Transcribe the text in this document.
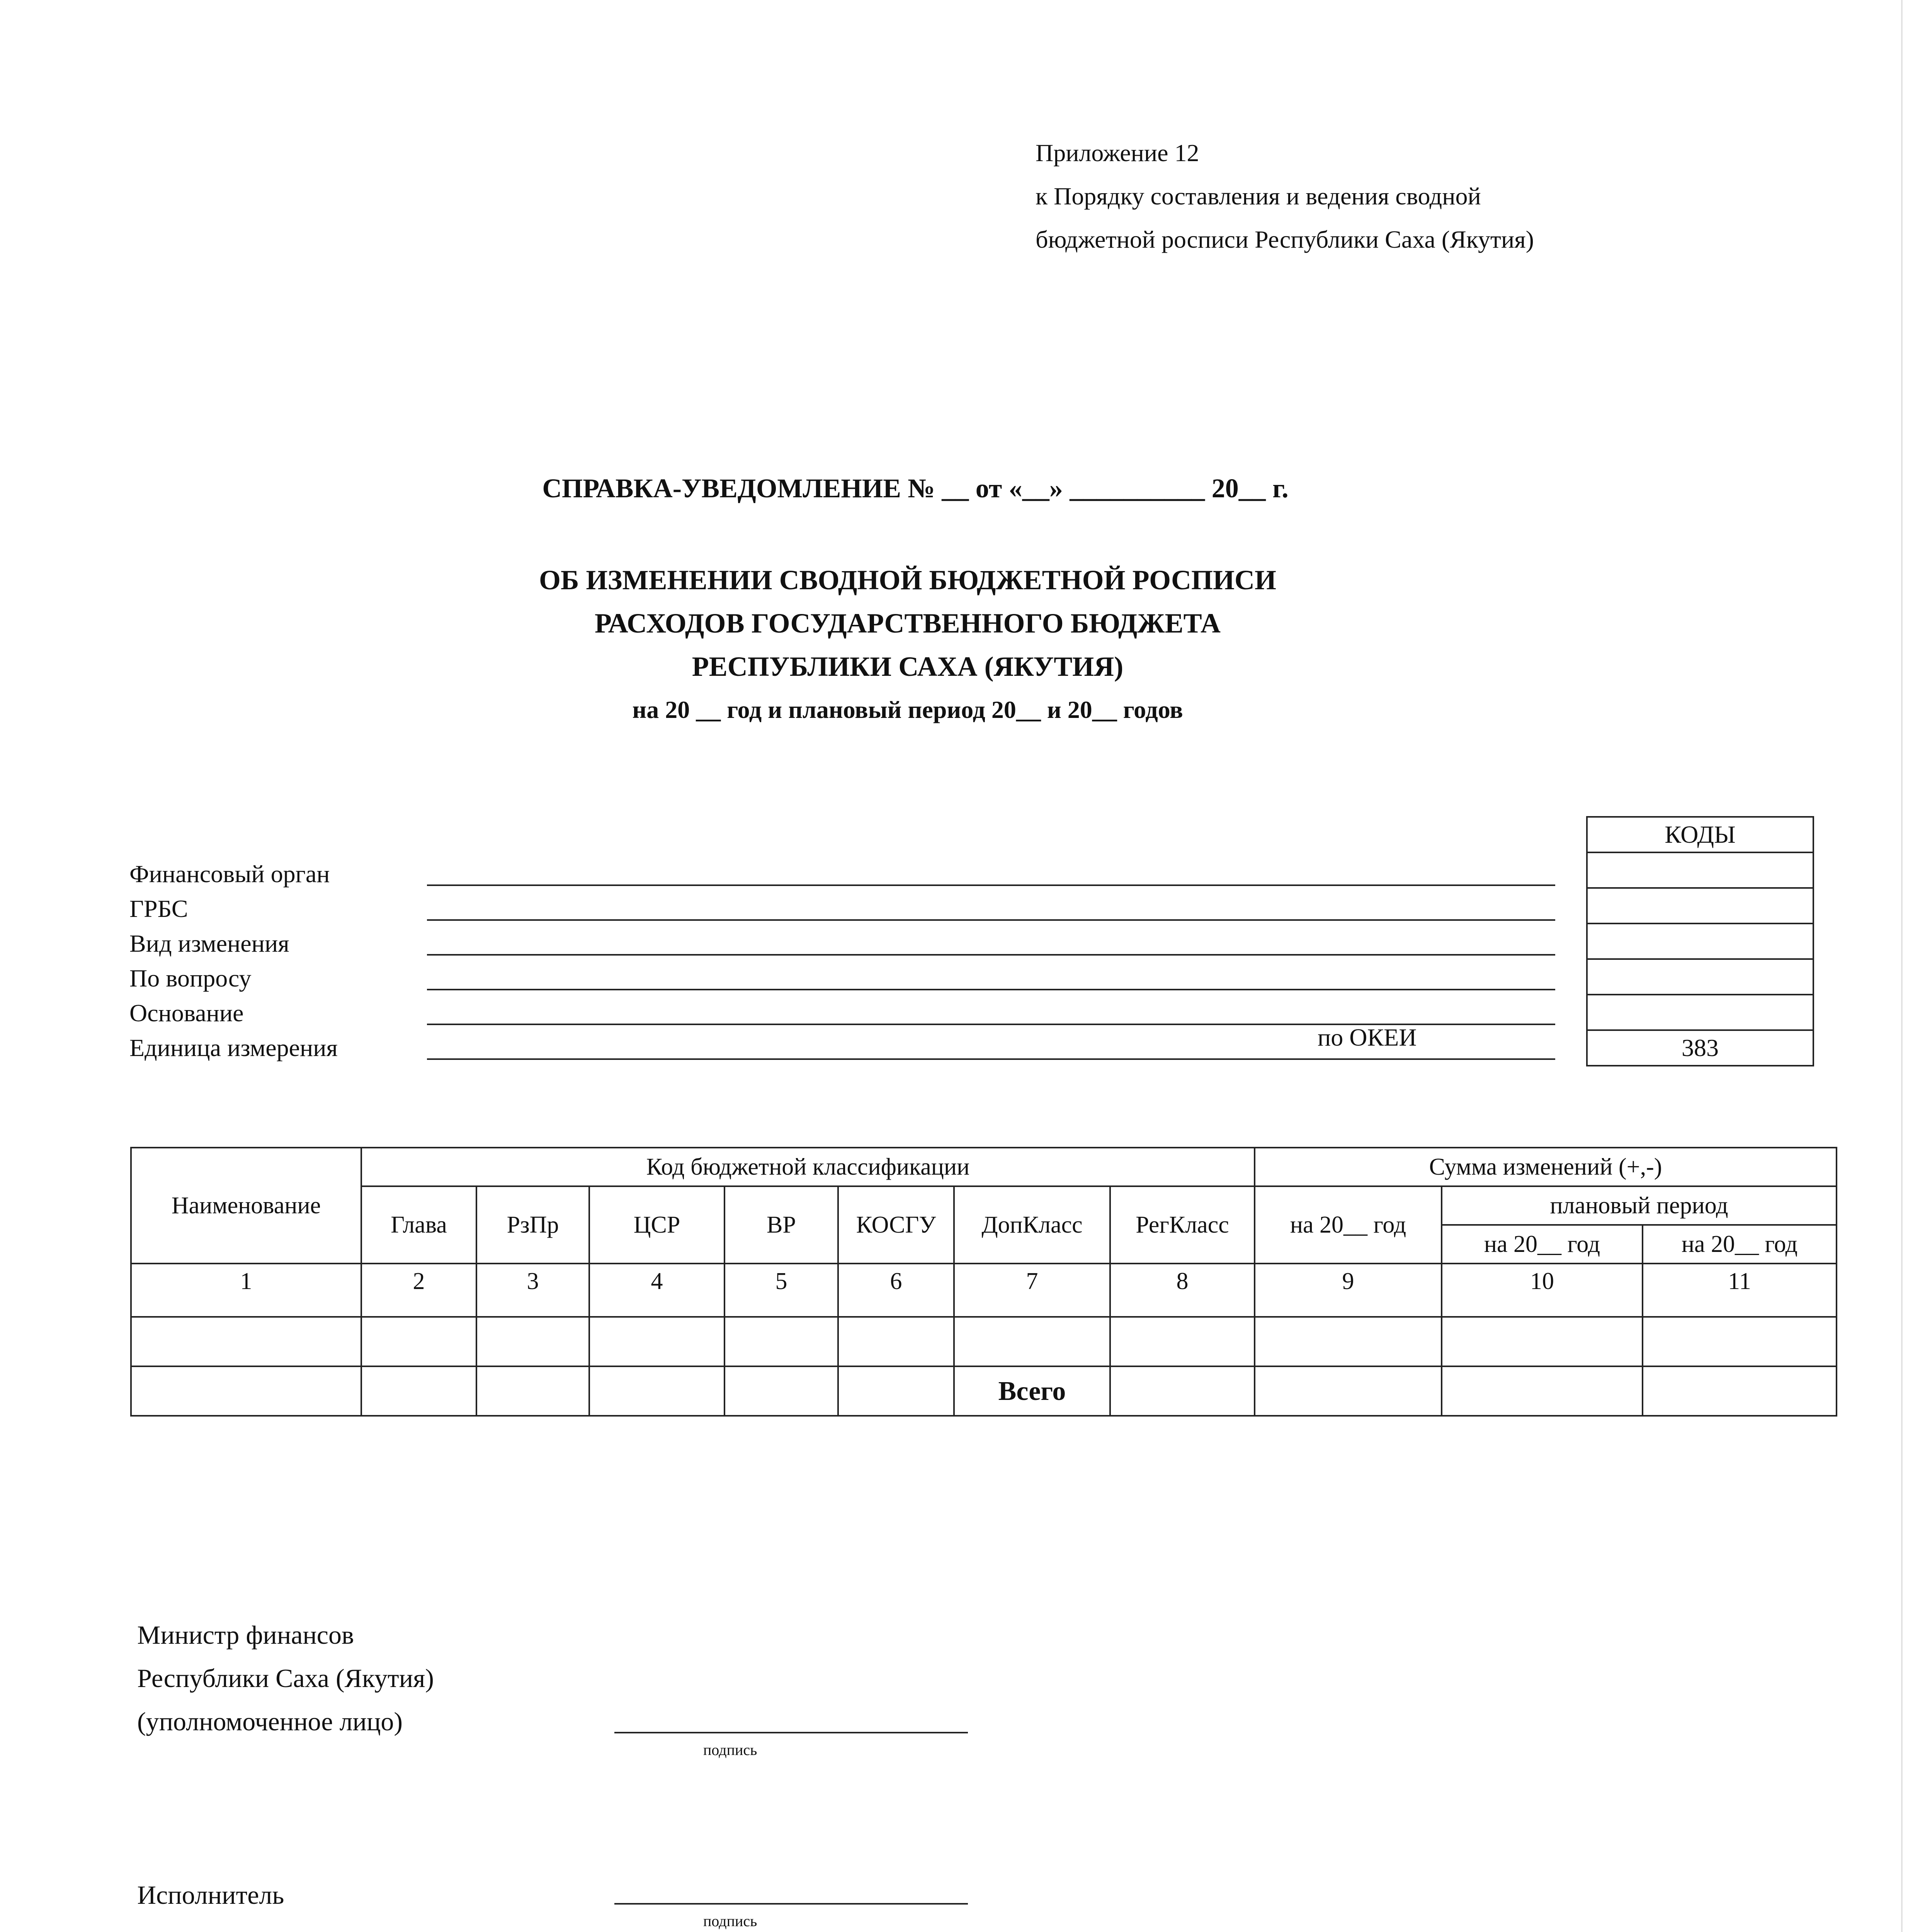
Приложение 12
к Порядку составления и ведения сводной
бюджетной росписи Республики Саха (Якутия)
СПРАВКА-УВЕДОМЛЕНИЕ № __ от «__» __________ 20__ г.
ОБ ИЗМЕНЕНИИ СВОДНОЙ БЮДЖЕТНОЙ РОСПИСИ
РАСХОДОВ ГОСУДАРСТВЕННОГО БЮДЖЕТА
РЕСПУБЛИКИ САХА (ЯКУТИЯ)
на 20 __ год и плановый период 20__ и 20__ годов
Финансовый орган
ГРБС
Вид изменения
По вопросу
Основание
Единица измерения	по ОКЕИ
КОДЫ

383
Наименование	Код бюджетной классификации							Сумма изменений (+,-)		
	Глава	РзПр	ЦСР	ВР	КОСГУ	ДопКласс	РегКласс	на 20__ год	плановый период	
									на 20__ год	на 20__ год
1	2	3	4	5	6	7	8	9	10	11

						Всего				
Министр финансов
Республики Саха (Якутия)
(уполномоченное лицо)
подпись
Исполнитель
подпись
